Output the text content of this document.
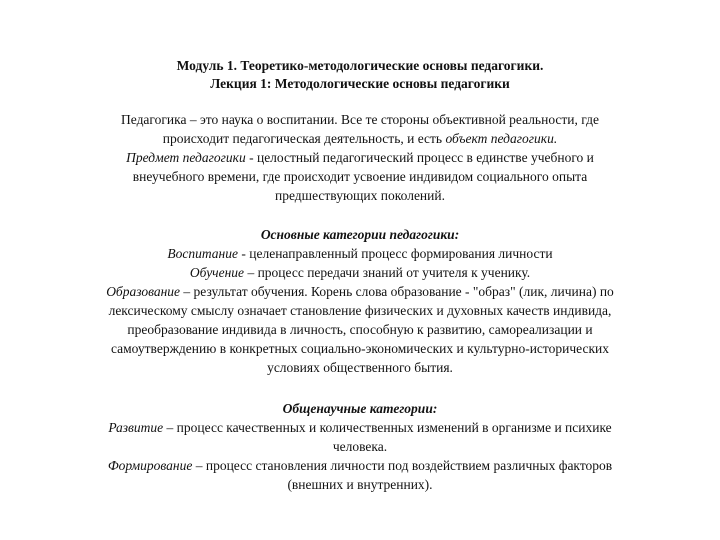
Модуль 1. Теоретико-методологические основы педагогики.
Лекция 1: Методологические основы педагогики
Педагогика – это наука о воспитании. Все те стороны объективной реальности, где
происходит педагогическая деятельность, и есть объект педагогики.
Предмет педагогики - целостный педагогический процесс в единстве учебного и
внеучебного времени, где происходит усвоение индивидом социального опыта
предшествующих поколений.
Основные категории педагогики:
Воспитание - целенаправленный процесс формирования личности
Обучение – процесс передачи знаний от учителя к ученику.
Образование – результат обучения. Корень слова образование - "образ" (лик, личина) по
лексическому смыслу означает становление физических и духовных качеств индивида,
преобразование индивида в личность, способную к развитию, самореализации и
самоутверждению в конкретных социально-экономических и культурно-исторических
условиях общественного бытия.
Общенаучные категории:
Развитие – процесс качественных и количественных изменений в организме и психике
человека.
Формирование – процесс становления личности под воздействием различных факторов
(внешних и внутренних).
